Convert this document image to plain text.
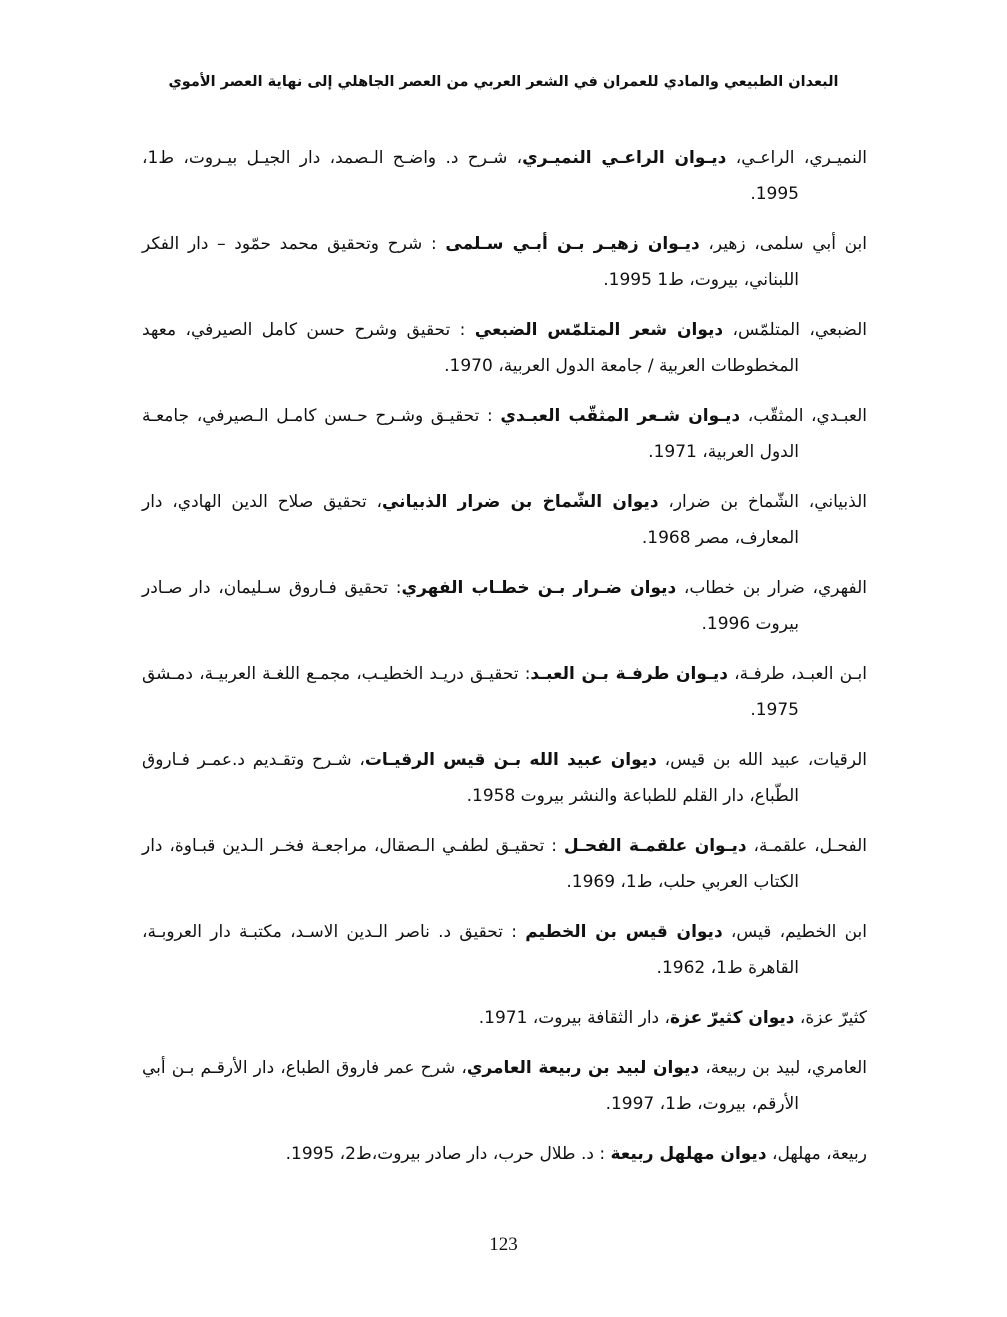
البعدان الطبيعي والمادي للعمران في الشعر العربي من العصر الجاهلي إلى نهاية العصر الأموي
النميـري، الراعـي، ديـوان الراعـي النميـري، شـرح د. واضـح الـصمد، دار الجيـل بيـروت، ط1، 1995.
ابن أبي سلمى، زهير، ديـوان زهيـر بـن أبـي سـلمى : شرح وتحقيق محمد حمّود – دار الفكر اللبناني، بيروت، ط1 1995.
الضبعي، المتلمّس، ديوان شعر المتلمّس الضبعي : تحقيق وشرح حسن كامل الصيرفي، معهد المخطوطات العربية / جامعة الدول العربية، 1970.
العبـدي، المثقّب، ديـوان شـعر المثقّب العبـدي : تحقيـق وشـرح حـسن كامـل الـصيرفي، جامعـة الدول العربية، 1971.
الذبياني، الشّماخ بن ضرار، ديوان الشّماخ بن ضرار الذبياني، تحقيق صلاح الدين الهادي، دار المعارف، مصر 1968.
الفهري، ضرار بن خطاب، ديوان ضـرار بـن خطـاب الفهري: تحقيق فـاروق سـليمان، دار صـادر بيروت 1996.
ابـن العبـد، طرفـة، ديـوان طرفـة بـن العبـد: تحقيـق دريـد الخطيـب، مجمـع اللغـة العربيـة، دمـشق 1975.
الرقيات، عبيد الله بن قيس، ديوان عبيد الله بـن قيس الرقيـات، شـرح وتقـديم د.عمـر فـاروق الطّباع، دار القلم للطباعة والنشر بيروت 1958.
الفحـل، علقمـة، ديـوان علقمـة الفحـل : تحقيـق لطفـي الـصقال، مراجعـة فخـر الـدين قبـاوة، دار الكتاب العربي حلب، ط1، 1969.
ابن الخطيم، قيس، ديوان قيس بن الخطيم : تحقيق د. ناصر الـدين الاسـد، مكتبـة دار العروبـة، القاهرة ط1، 1962.
كثيرّ عزة، ديوان كثيرّ عزة، دار الثقافة بيروت، 1971.
العامري، لبيد بن ربيعة، ديوان لبيد بن ربيعة العامري، شرح عمر فاروق الطباع، دار الأرقـم بـن أبي الأرقم، بيروت، ط1، 1997.
ربيعة، مهلهل، ديوان مهلهل ربيعة : د. طلال حرب، دار صادر بيروت،ط2، 1995.
123
